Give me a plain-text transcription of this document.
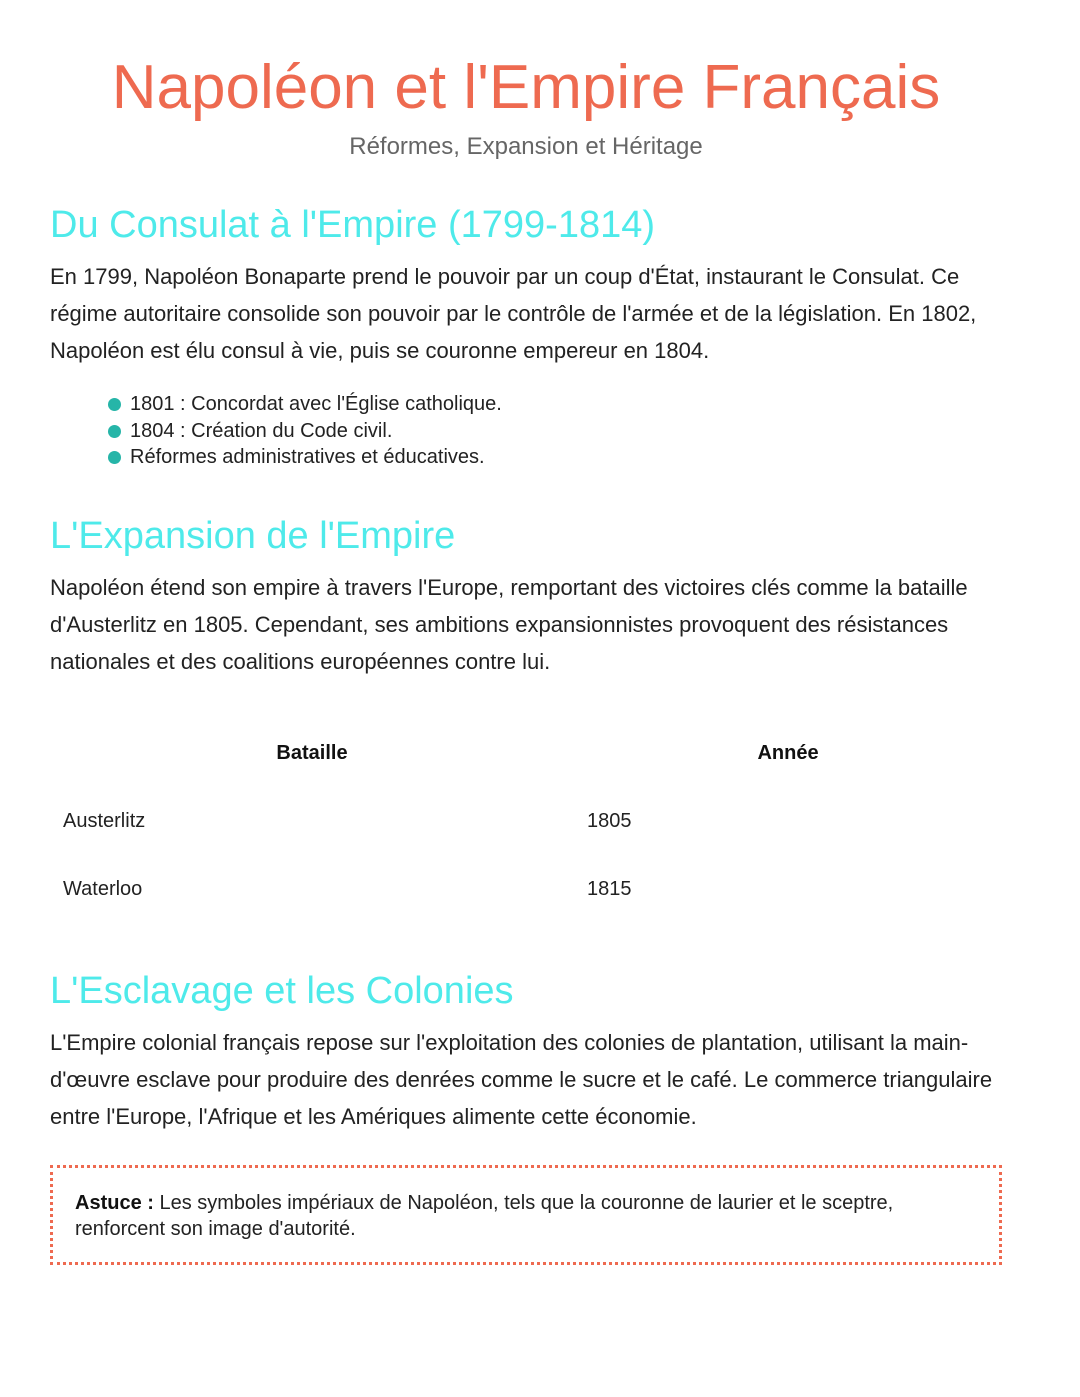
Napoléon et l'Empire Français
Réformes, Expansion et Héritage
Du Consulat à l'Empire (1799-1814)

En 1799, Napoléon Bonaparte prend le pouvoir par un coup d'État, instaurant le Consulat. Ce régime autoritaire consolide son pouvoir par le contrôle de l'armée et de la législation. En 1802, Napoléon est élu consul à vie, puis se couronne empereur en 1804.

1801 : Concordat avec l'Église catholique.
1804 : Création du Code civil.
Réformes administratives et éducatives.
L'Expansion de l'Empire

Napoléon étend son empire à travers l'Europe, remportant des victoires clés comme la bataille d'Austerlitz en 1805. Cependant, ses ambitions expansionnistes provoquent des résistances nationales et des coalitions européennes contre lui.

Bataille	Année
Austerlitz	1805
Waterloo	1815
L'Esclavage et les Colonies

L'Empire colonial français repose sur l'exploitation des colonies de plantation, utilisant la main-d'œuvre esclave pour produire des denrées comme le sucre et le café. Le commerce triangulaire entre l'Europe, l'Afrique et les Amériques alimente cette économie.

Astuce : Les symboles impériaux de Napoléon, tels que la couronne de laurier et le sceptre, renforcent son image d'autorité.
